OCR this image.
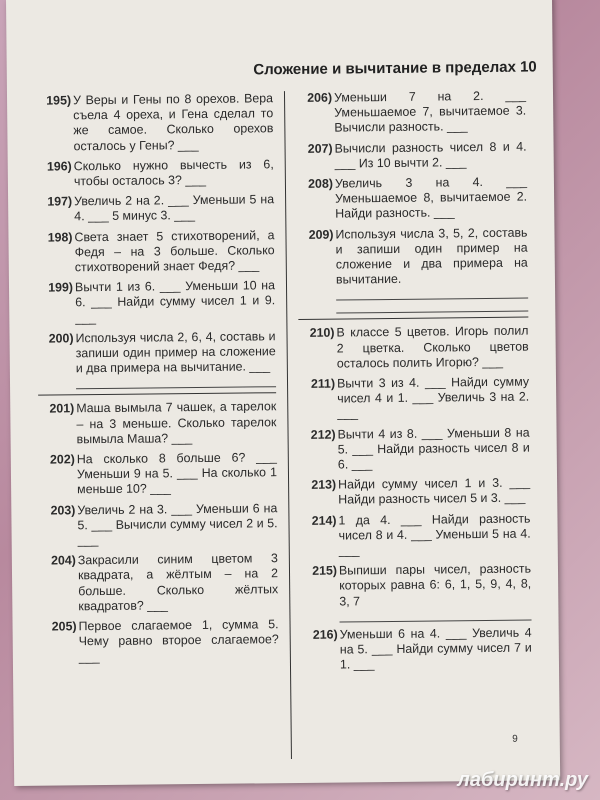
Сложение и вычитание в пределах 10
195) У Веры и Гены по 8 орехов. Вера съела 4 ореха, и Гена сделал то же самое. Сколько орехов осталось у Гены? ___
196) Сколько нужно вычесть из 6, чтобы осталось 3? ___
197) Увеличь 2 на 2. ___ Уменьши 5 на 4. ___ 5 минус 3. ___
198) Света знает 5 стихотворений, а Федя – на 3 больше. Сколько стихотворений знает Федя? ___
199) Вычти 1 из 6. ___ Уменьши 10 на 6. ___ Найди сумму чисел 1 и 9. ___
200) Используя числа 2, 6, 4, составь и запиши один пример на сложение и два примера на вычитание. ___
201) Маша вымыла 7 чашек, а тарелок – на 3 меньше. Сколько тарелок вымыла Маша? ___
202) На сколько 8 больше 6? ___ Уменьши 9 на 5. ___ На сколько 1 меньше 10? ___
203) Увеличь 2 на 3. ___ Уменьши 6 на 5. ___ Вычисли сумму чисел 2 и 5. ___
204) Закрасили синим цветом 3 квадрата, а жёлтым – на 2 больше. Сколько жёлтых квадратов? ___
205) Первое слагаемое 1, сумма 5. Чему равно второе слагаемое? ___
206) Уменьши 7 на 2. ___ Уменьшаемое 7, вычитаемое 3. Вычисли разность. ___
207) Вычисли разность чисел 8 и 4. ___ Из 10 вычти 2. ___
208) Увеличь 3 на 4. ___ Уменьшаемое 8, вычитаемое 2. Найди разность. ___
209) Используя числа 3, 5, 2, составь и запиши один пример на сложение и два примера на вычитание.
210) В классе 5 цветов. Игорь полил 2 цветка. Сколько цветов осталось полить Игорю? ___
211) Вычти 3 из 4. ___ Найди сумму чисел 4 и 1. ___ Увеличь 3 на 2. ___
212) Вычти 4 из 8. ___ Уменьши 8 на 5. ___ Найди разность чисел 8 и 6. ___
213) Найди сумму чисел 1 и 3. ___ Найди разность чисел 5 и 3. ___
214) 1 да 4. ___ Найди разность чисел 8 и 4. ___ Уменьши 5 на 4. ___
215) Выпиши пары чисел, разность которых равна 6: 6, 1, 5, 9, 4, 8, 3, 7
216) Уменьши 6 на 4. ___ Увеличь 4 на 5. ___ Найди сумму чисел 7 и 1. ___
9
лабиринт.ру
